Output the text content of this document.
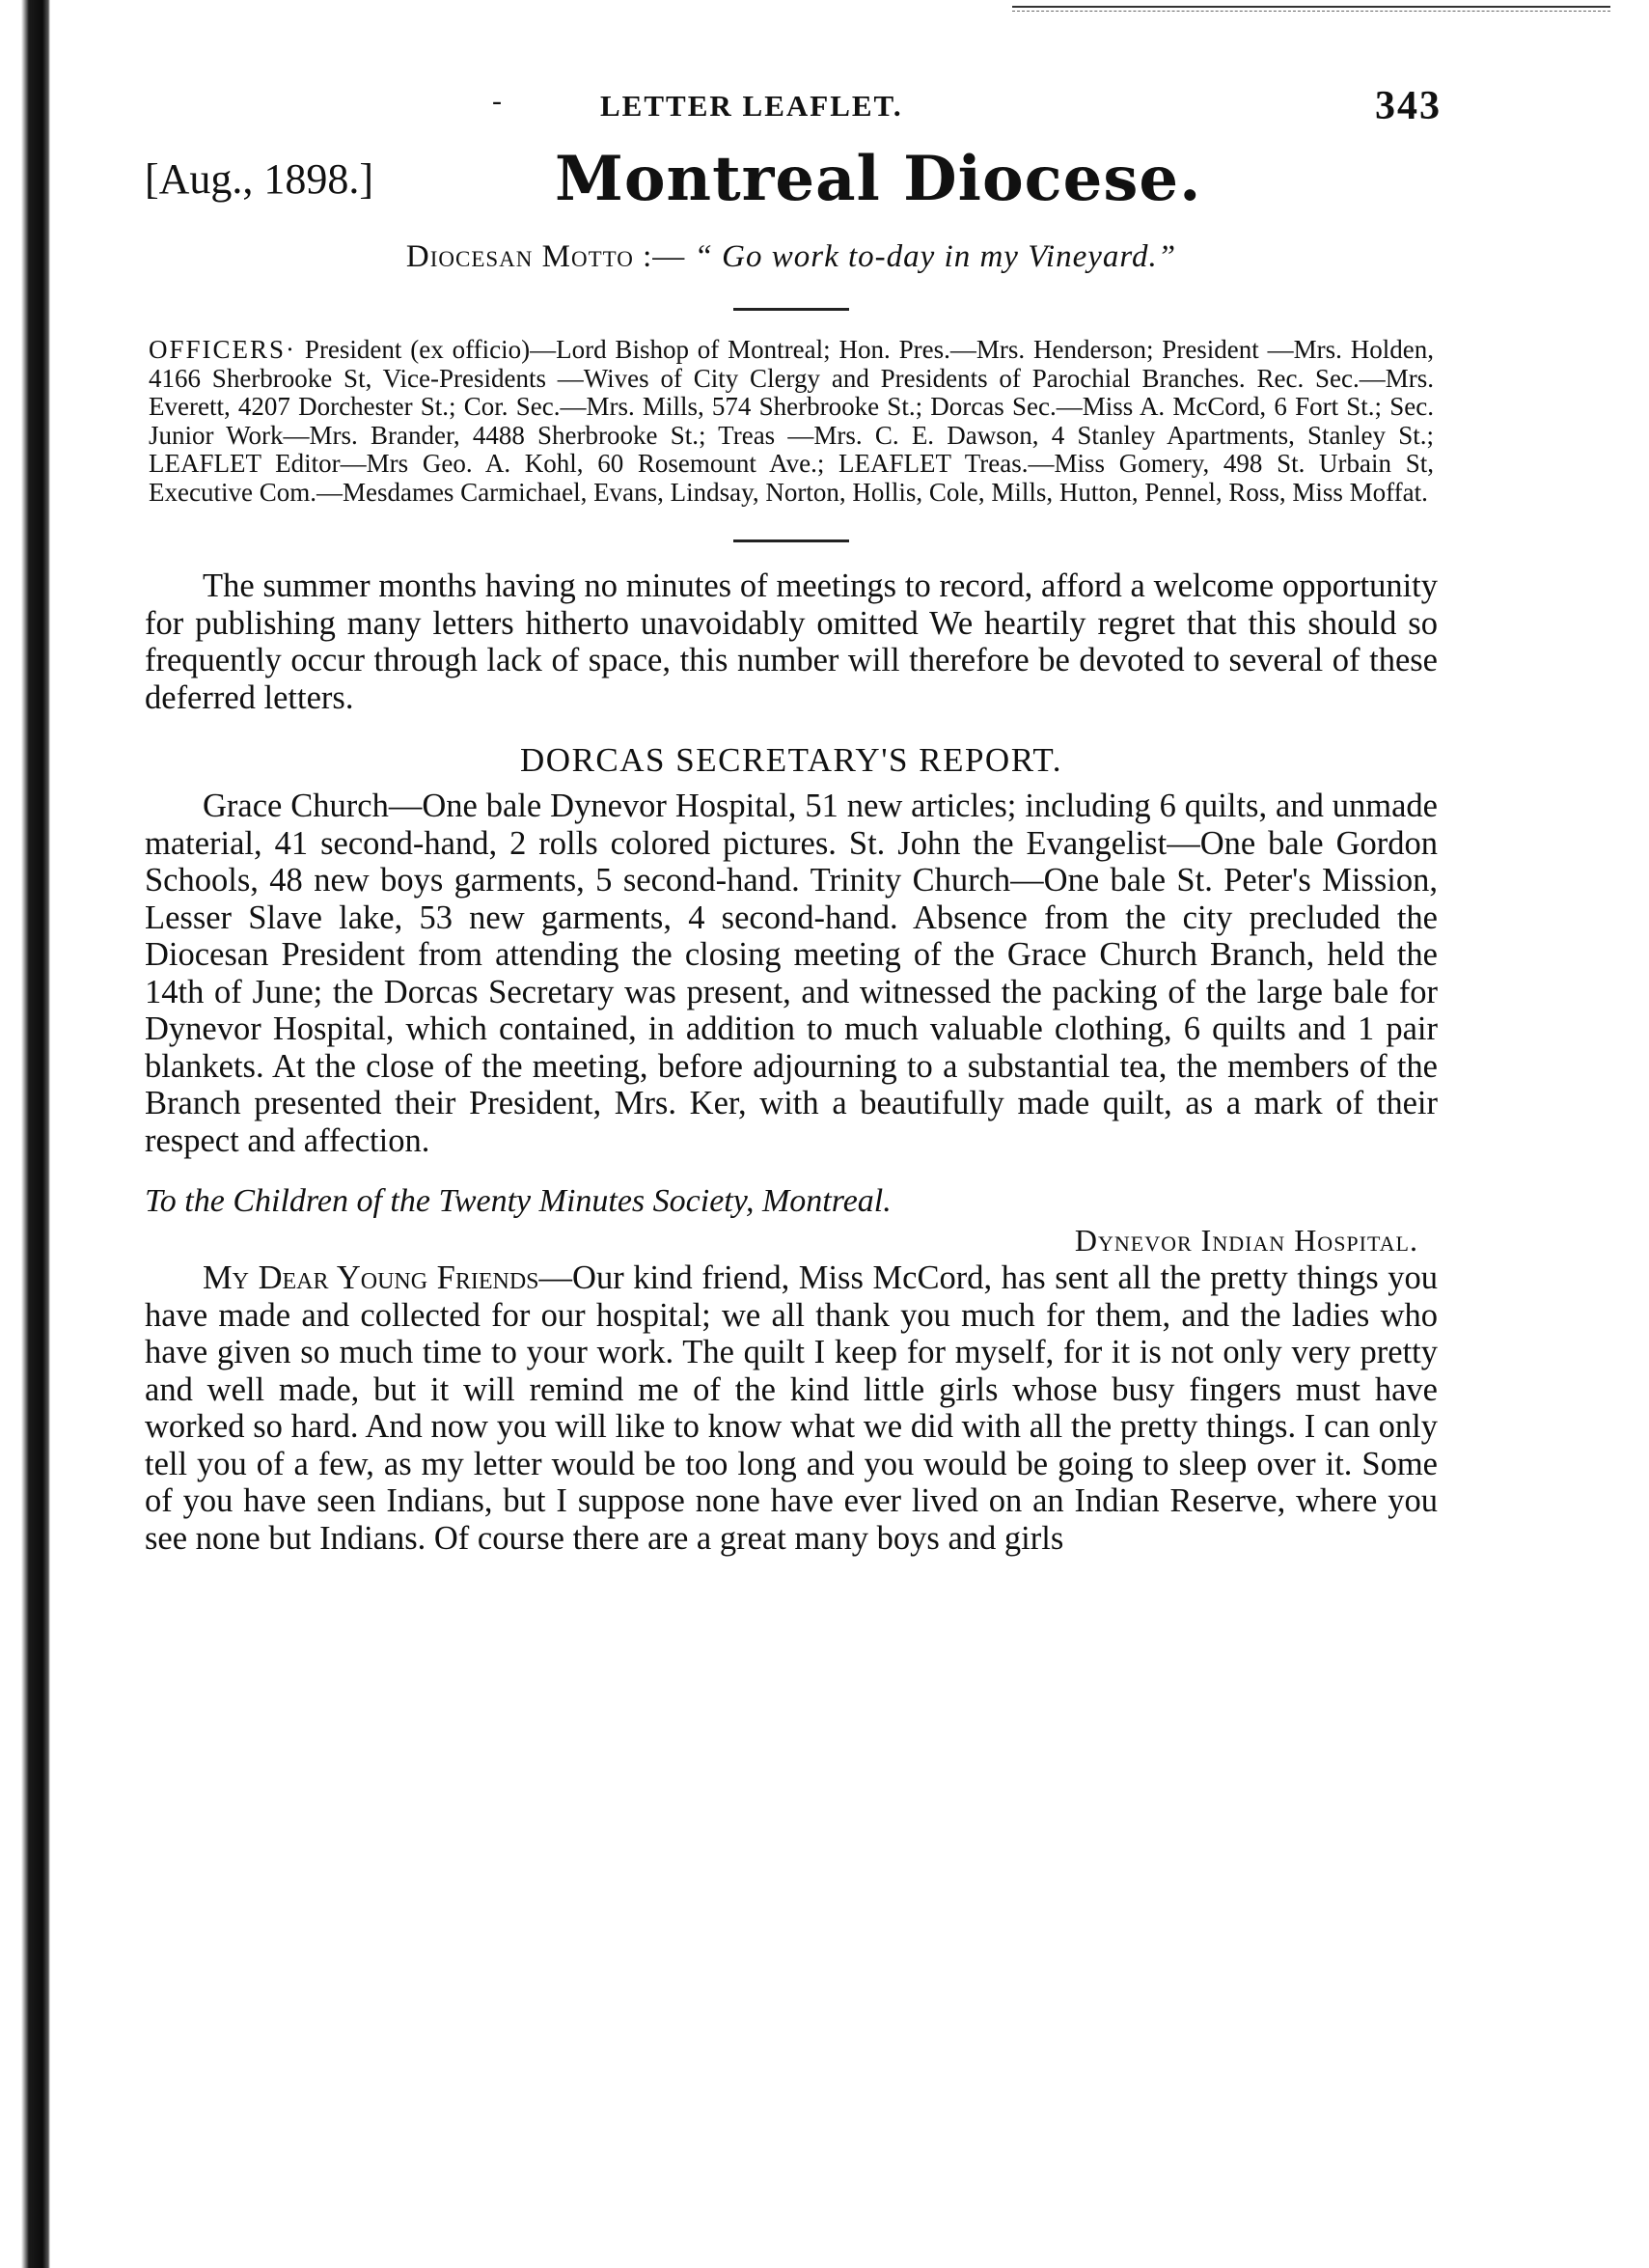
-	LETTER LEAFLET.	343
[Aug., 1898.]	Montreal Diocese.
Diocesan Motto :— “ Go work to-day in my Vineyard.”
OFFICERS· President (ex officio)—Lord Bishop of Montreal; Hon. Pres.—Mrs. Henderson; President —Mrs. Holden, 4166 Sherbrooke St, Vice-Presidents —Wives of City Clergy and Presidents of Parochial Branches. Rec. Sec.—Mrs. Everett, 4207 Dorchester St.; Cor. Sec.—Mrs. Mills, 574 Sherbrooke St.; Dorcas Sec.—Miss A. McCord, 6 Fort St.; Sec. Junior Work—Mrs. Brander, 4488 Sherbrooke St.; Treas —Mrs. C. E. Dawson, 4 Stanley Apartments, Stanley St.; LEAFLET Editor—Mrs Geo. A. Kohl, 60 Rosemount Ave.; LEAFLET Treas.—Miss Gomery, 498 St. Urbain St, Executive Com.—Mesdames Carmichael, Evans, Lindsay, Norton, Hollis, Cole, Mills, Hutton, Pennel, Ross, Miss Moffat.

The summer months having no minutes of meetings to record, afford a welcome opportunity for publishing many letters hitherto unavoidably omitted We heartily regret that this should so frequently occur through lack of space, this number will therefore be devoted to several of these deferred letters.

DORCAS SECRETARY'S REPORT.

Grace Church—One bale Dynevor Hospital, 51 new articles; including 6 quilts, and unmade material, 41 second-hand, 2 rolls colored pictures. St. John the Evangelist—One bale Gordon Schools, 48 new boys garments, 5 second-hand. Trinity Church—One bale St. Peter's Mission, Lesser Slave lake, 53 new garments, 4 second-hand. Absence from the city precluded the Diocesan President from attending the closing meeting of the Grace Church Branch, held the 14th of June; the Dorcas Secretary was present, and witnessed the packing of the large bale for Dynevor Hospital, which contained, in addition to much valuable clothing, 6 quilts and 1 pair blankets. At the close of the meeting, before adjourning to a substantial tea, the members of the Branch presented their President, Mrs. Ker, with a beautifully made quilt, as a mark of their respect and affection.

To the Children of the Twenty Minutes Society, Montreal.
Dynevor Indian Hospital.

My Dear Young Friends—Our kind friend, Miss McCord, has sent all the pretty things you have made and collected for our hospital; we all thank you much for them, and the ladies who have given so much time to your work. The quilt I keep for myself, for it is not only very pretty and well made, but it will remind me of the kind little girls whose busy fingers must have worked so hard. And now you will like to know what we did with all the pretty things. I can only tell you of a few, as my letter would be too long and you would be going to sleep over it. Some of you have seen Indians, but I suppose none have ever lived on an Indian Reserve, where you see none but Indians. Of course there are a great many boys and girls
